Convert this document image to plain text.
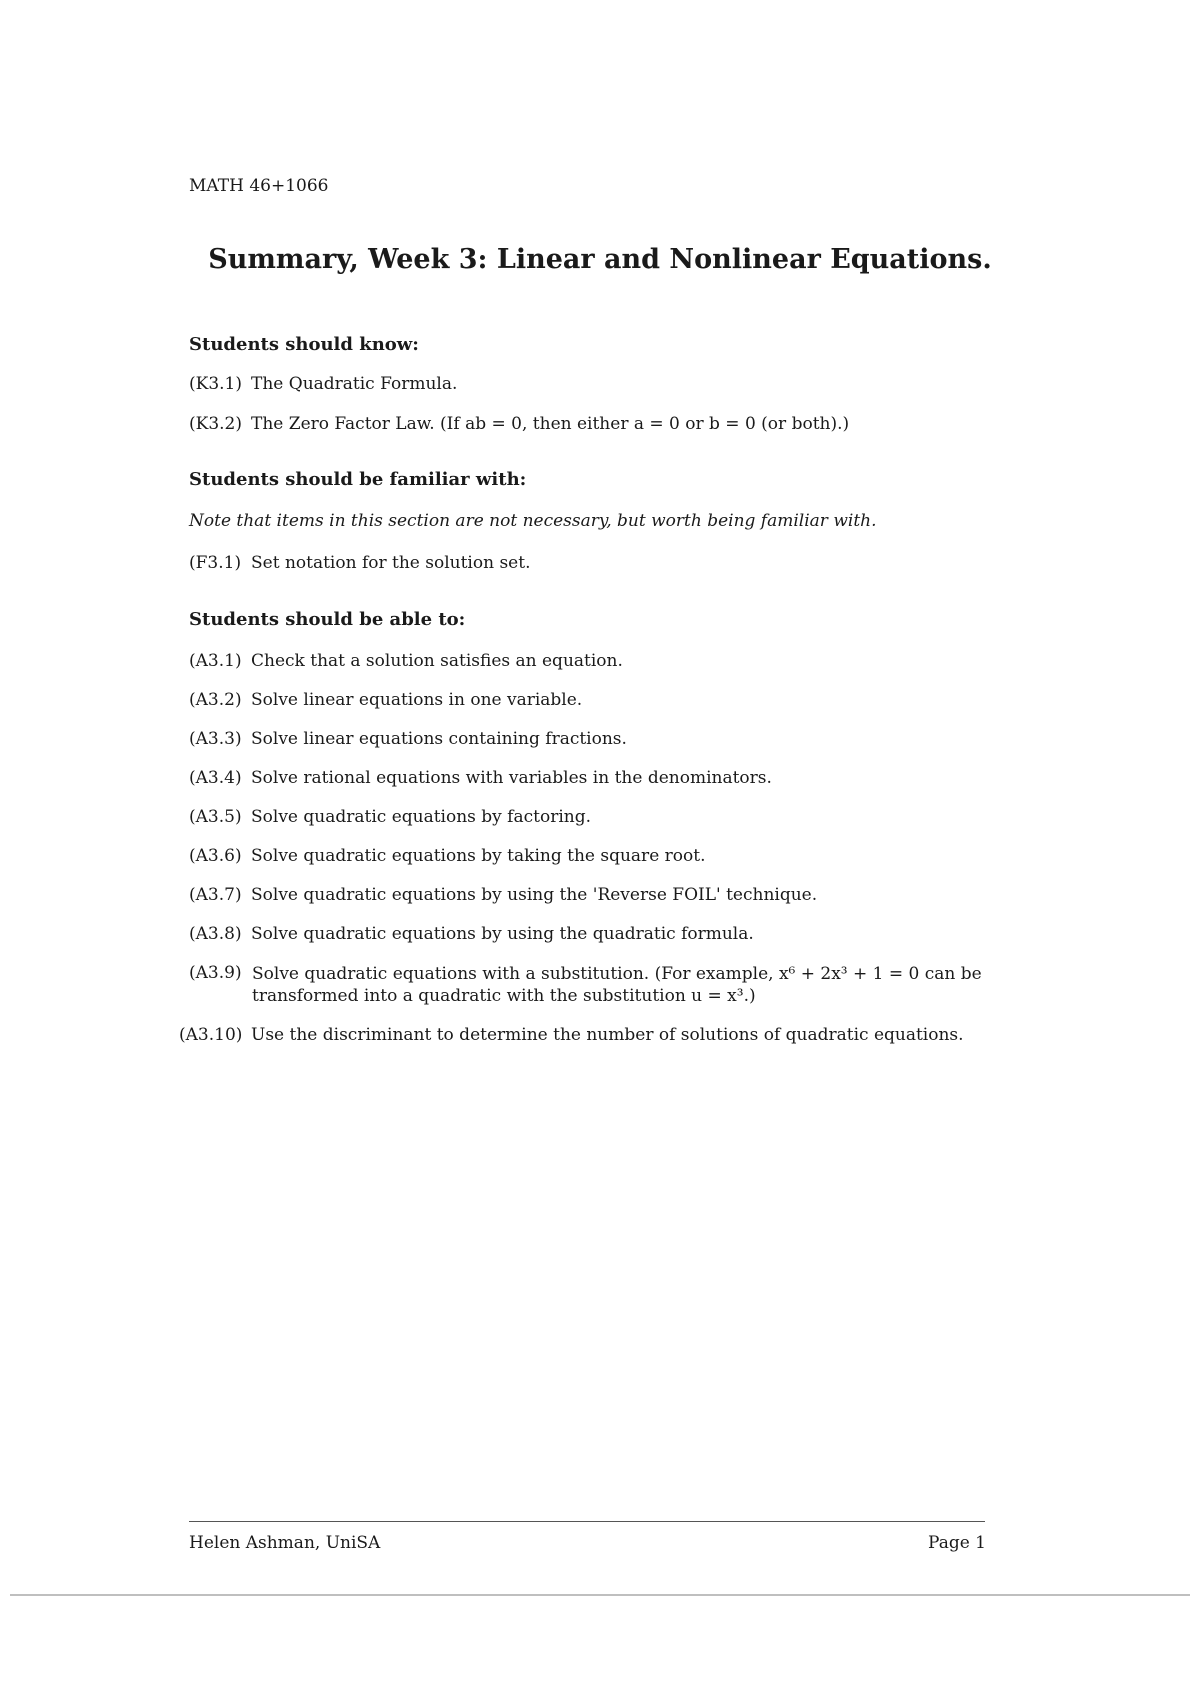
MATH 46+1066
Summary, Week 3: Linear and Nonlinear Equations.
Students should know:
(K3.1) The Quadratic Formula.
(K3.2) The Zero Factor Law. (If ab = 0, then either a = 0 or b = 0 (or both).)
Students should be familiar with:
Note that items in this section are not necessary, but worth being familiar with.
(F3.1) Set notation for the solution set.
Students should be able to:
(A3.1) Check that a solution satisfies an equation.
(A3.2) Solve linear equations in one variable.
(A3.3) Solve linear equations containing fractions.
(A3.4) Solve rational equations with variables in the denominators.
(A3.5) Solve quadratic equations by factoring.
(A3.6) Solve quadratic equations by taking the square root.
(A3.7) Solve quadratic equations by using the 'Reverse FOIL' technique.
(A3.8) Solve quadratic equations by using the quadratic formula.
(A3.9) Solve quadratic equations with a substitution. (For example, x⁶ + 2x³ + 1 = 0 can be transformed into a quadratic with the substitution u = x³.)
(A3.10) Use the discriminant to determine the number of solutions of quadratic equations.
Helen Ashman, UniSA	Page 1
